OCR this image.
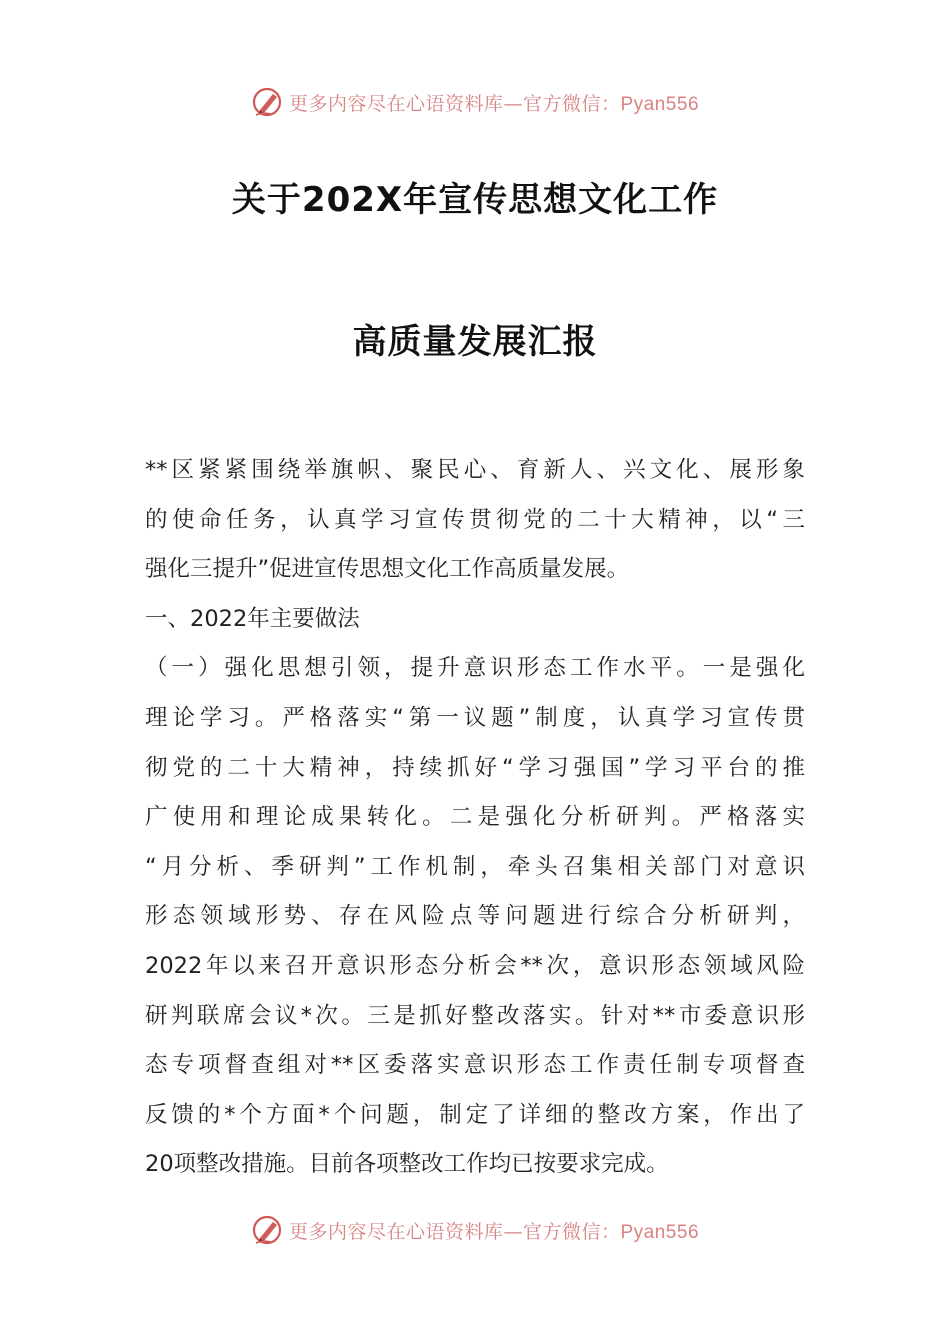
更多内容尽在心语资料库—官方微信：Pyan556
关于202X年宣传思想文化工作
高质量发展汇报
**区紧紧围绕举旗帜、聚民心、育新人、兴文化、展形象
的使命任务，认真学习宣传贯彻党的二十大精神，以“三
强化三提升”促进宣传思想文化工作高质量发展。
一、2022年主要做法
（一）强化思想引领，提升意识形态工作水平。一是强化
理论学习。严格落实“第一议题”制度，认真学习宣传贯
彻党的二十大精神，持续抓好“学习强国”学习平台的推
广使用和理论成果转化。二是强化分析研判。严格落实
“月分析、季研判”工作机制，牵头召集相关部门对意识
形态领域形势、存在风险点等问题进行综合分析研判，
2022年以来召开意识形态分析会**次，意识形态领域风险
研判联席会议*次。三是抓好整改落实。针对**市委意识形
态专项督查组对**区委落实意识形态工作责任制专项督查
反馈的*个方面*个问题，制定了详细的整改方案，作出了
20项整改措施。目前各项整改工作均已按要求完成。
更多内容尽在心语资料库—官方微信：Pyan556
